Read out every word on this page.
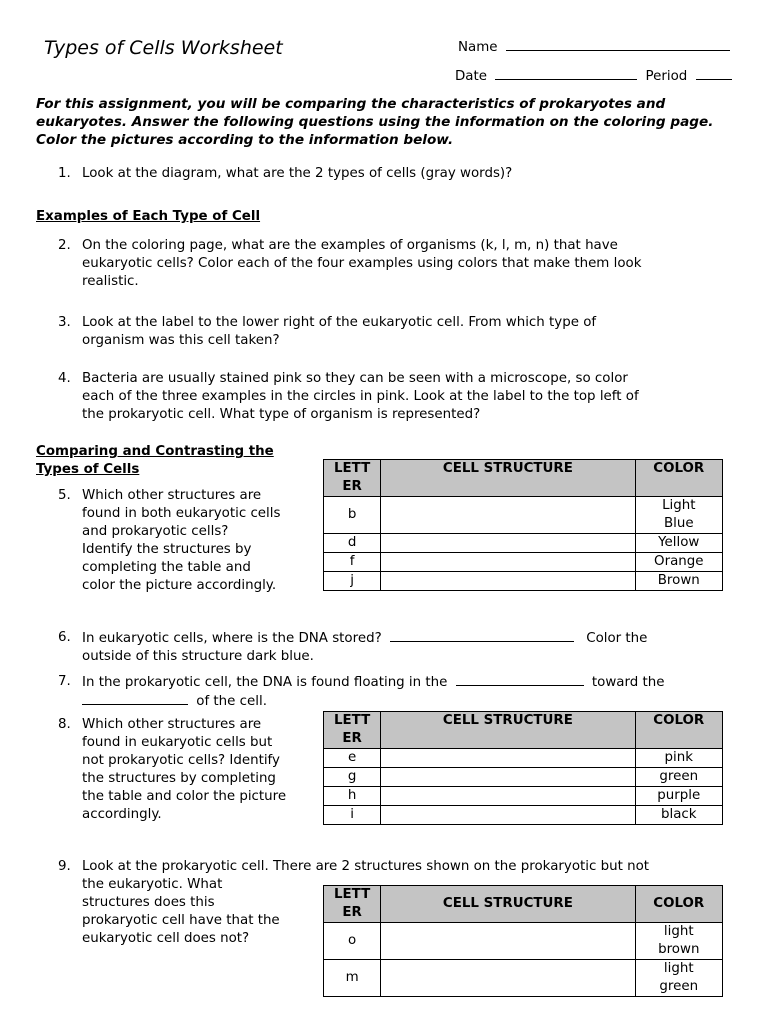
Types of Cells Worksheet	Name
Date	Period
For this assignment, you will be comparing the characteristics of prokaryotes and eukaryotes. Answer the following questions using the information on the coloring page. Color the pictures according to the information below.
1. Look at the diagram, what are the 2 types of cells (gray words)?
Examples of Each Type of Cell
2. On the coloring page, what are the examples of organisms (k, l, m, n) that have
eukaryotic cells? Color each of the four examples using colors that make them look
realistic.
3. Look at the label to the lower right of the eukaryotic cell. From which type of
organism was this cell taken?
4. Bacteria are usually stained pink so they can be seen with a microscope, so color
each of the three examples in the circles in pink. Look at the label to the top left of
the prokaryotic cell. What type of organism is represented?
Comparing and Contrasting the
Types of Cells
5. Which other structures are
found in both eukaryotic cells
and prokaryotic cells?
Identify the structures by
completing the table and
color the picture accordingly.
LETT
ER	CELL STRUCTURE	COLOR
b		Light
Blue

d		Yellow
f		Orange
j		Brown
6. In eukaryotic cells, where is the DNA stored?	Color the
outside of this structure dark blue.
7. In the prokaryotic cell, the DNA is found floating in the	toward the
of the cell.
8. Which other structures are
found in eukaryotic cells but
not prokaryotic cells? Identify
the structures by completing
the table and color the picture
accordingly.
LETT
ER	CELL STRUCTURE	COLOR
e		pink
g		green
h		purple
i		black
9. Look at the prokaryotic cell. There are 2 structures shown on the prokaryotic but not
the eukaryotic. What
structures does this
prokaryotic cell have that the
eukaryotic cell does not?
LETT
ER	CELL STRUCTURE	COLOR
o		light
brown

m		light
green
